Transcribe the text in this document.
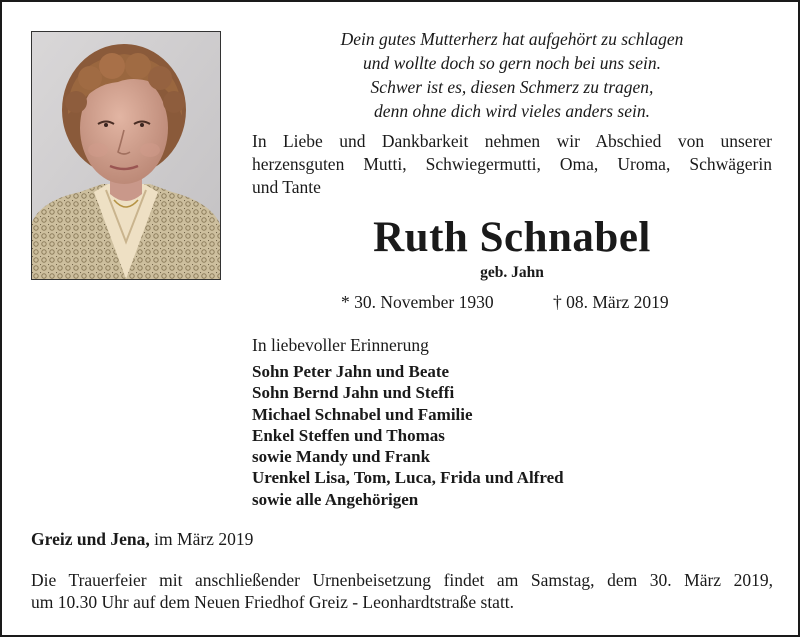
Dein gutes Mutterherz hat aufgehört zu schlagen
und wollte doch so gern noch bei uns sein.
Schwer ist es, diesen Schmerz zu tragen,
denn ohne dich wird vieles anders sein.
In Liebe und Dankbarkeit nehmen wir Abschied von unserer
herzensguten Mutti, Schwiegermutti, Oma, Uroma, Schwägerin
und Tante
Ruth Schnabel
geb. Jahn
* 30. November 1930	† 08. März 2019
In liebevoller Erinnerung
Sohn Peter Jahn und Beate
Sohn Bernd Jahn und Steffi
Michael Schnabel und Familie
Enkel Steffen und Thomas
sowie Mandy und Frank
Urenkel Lisa, Tom, Luca, Frida und Alfred
sowie alle Angehörigen
Greiz und Jena, im März 2019
Die Trauerfeier mit anschließender Urnenbeisetzung findet am Samstag, dem 30. März 2019,
um 10.30 Uhr auf dem Neuen Friedhof Greiz - Leonhardtstraße statt.
